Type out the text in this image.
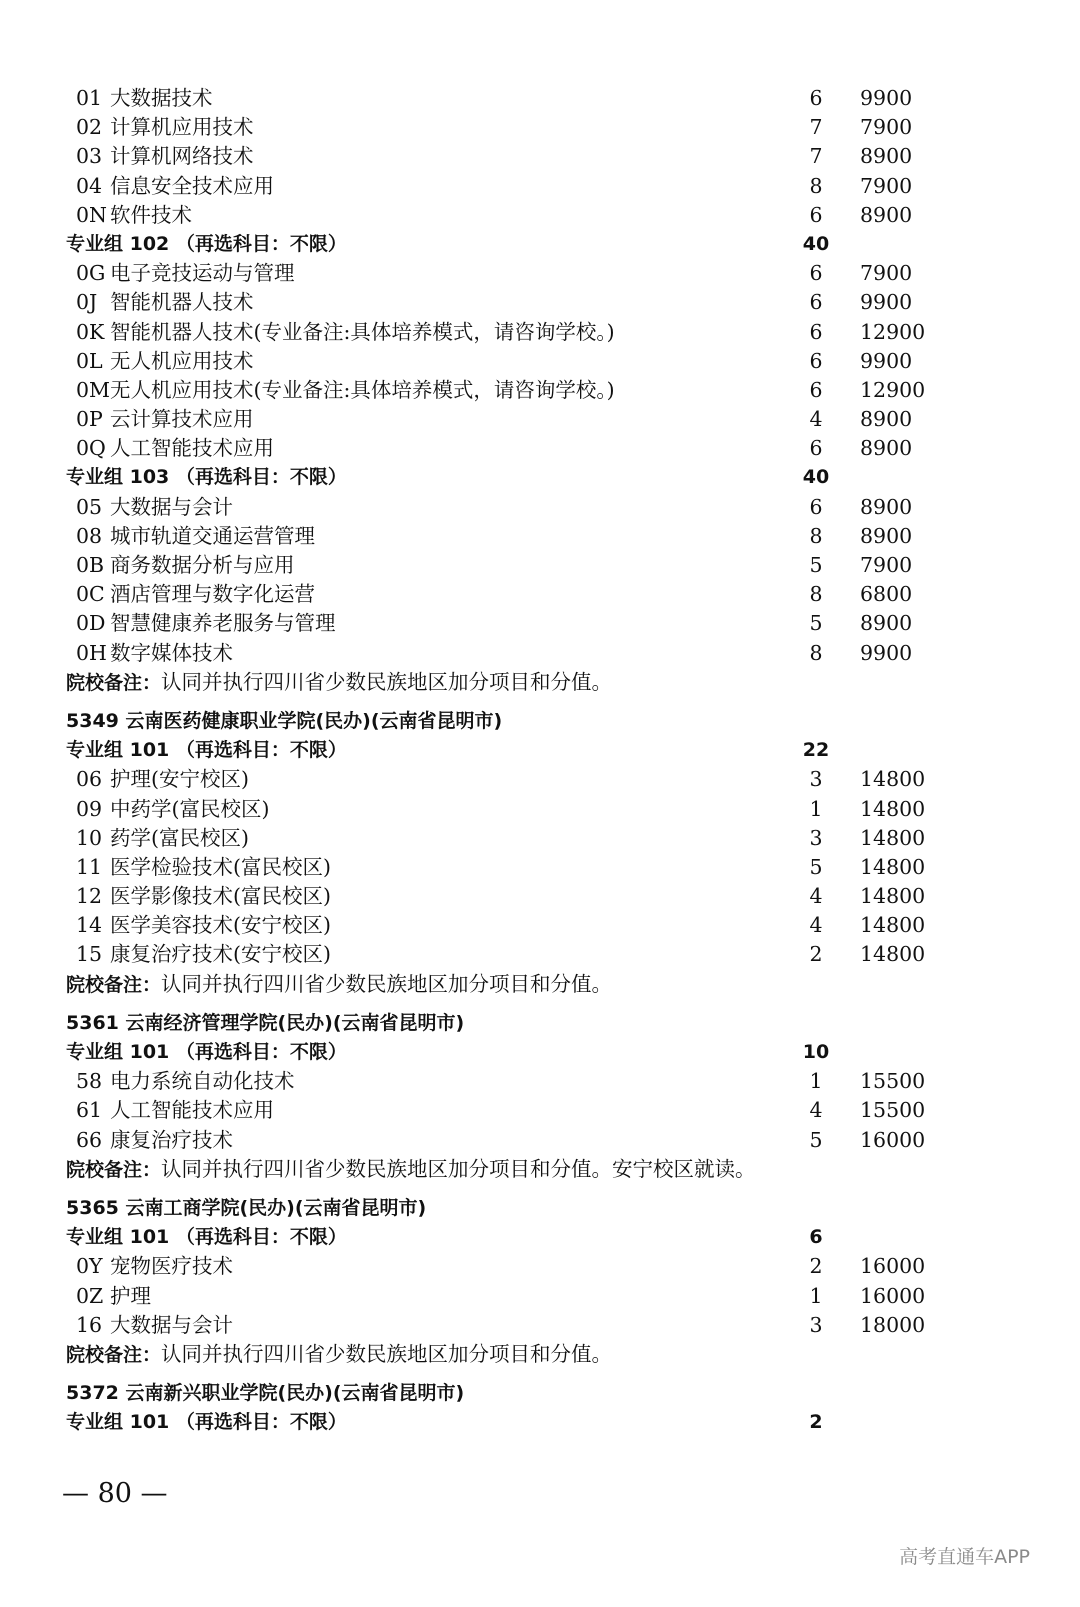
01 大数据技术	6	9900
02 计算机应用技术	7	7900
03 计算机网络技术	7	8900
04 信息安全技术应用	8	7900
0N 软件技术	6	8900
专业组 102 （再选科目：不限）	40
0G 电子竞技运动与管理	6	7900
0J 智能机器人技术	6	9900
0K 智能机器人技术(专业备注:具体培养模式，请咨询学校。)	6	12900
0L 无人机应用技术	6	9900
0M 无人机应用技术(专业备注:具体培养模式，请咨询学校。)	6	12900
0P 云计算技术应用	4	8900
0Q 人工智能技术应用	6	8900
专业组 103 （再选科目：不限）	40
05 大数据与会计	6	8900
08 城市轨道交通运营管理	8	8900
0B 商务数据分析与应用	5	7900
0C 酒店管理与数字化运营	8	6800
0D 智慧健康养老服务与管理	5	8900
0H 数字媒体技术	8	9900
院校备注：认同并执行四川省少数民族地区加分项目和分值。
5349 云南医药健康职业学院(民办)(云南省昆明市)
专业组 101 （再选科目：不限）	22
06 护理(安宁校区)	3	14800
09 中药学(富民校区)	1	14800
10 药学(富民校区)	3	14800
11 医学检验技术(富民校区)	5	14800
12 医学影像技术(富民校区)	4	14800
14 医学美容技术(安宁校区)	4	14800
15 康复治疗技术(安宁校区)	2	14800
院校备注：认同并执行四川省少数民族地区加分项目和分值。
5361 云南经济管理学院(民办)(云南省昆明市)
专业组 101 （再选科目：不限）	10
58 电力系统自动化技术	1	15500
61 人工智能技术应用	4	15500
66 康复治疗技术	5	16000
院校备注：认同并执行四川省少数民族地区加分项目和分值。安宁校区就读。
5365 云南工商学院(民办)(云南省昆明市)
专业组 101 （再选科目：不限）	6
0Y 宠物医疗技术	2	16000
0Z 护理	1	16000
16 大数据与会计	3	18000
院校备注：认同并执行四川省少数民族地区加分项目和分值。
5372 云南新兴职业学院(民办)(云南省昆明市)
专业组 101 （再选科目：不限）	2
— 80 —
高考直通车APP
